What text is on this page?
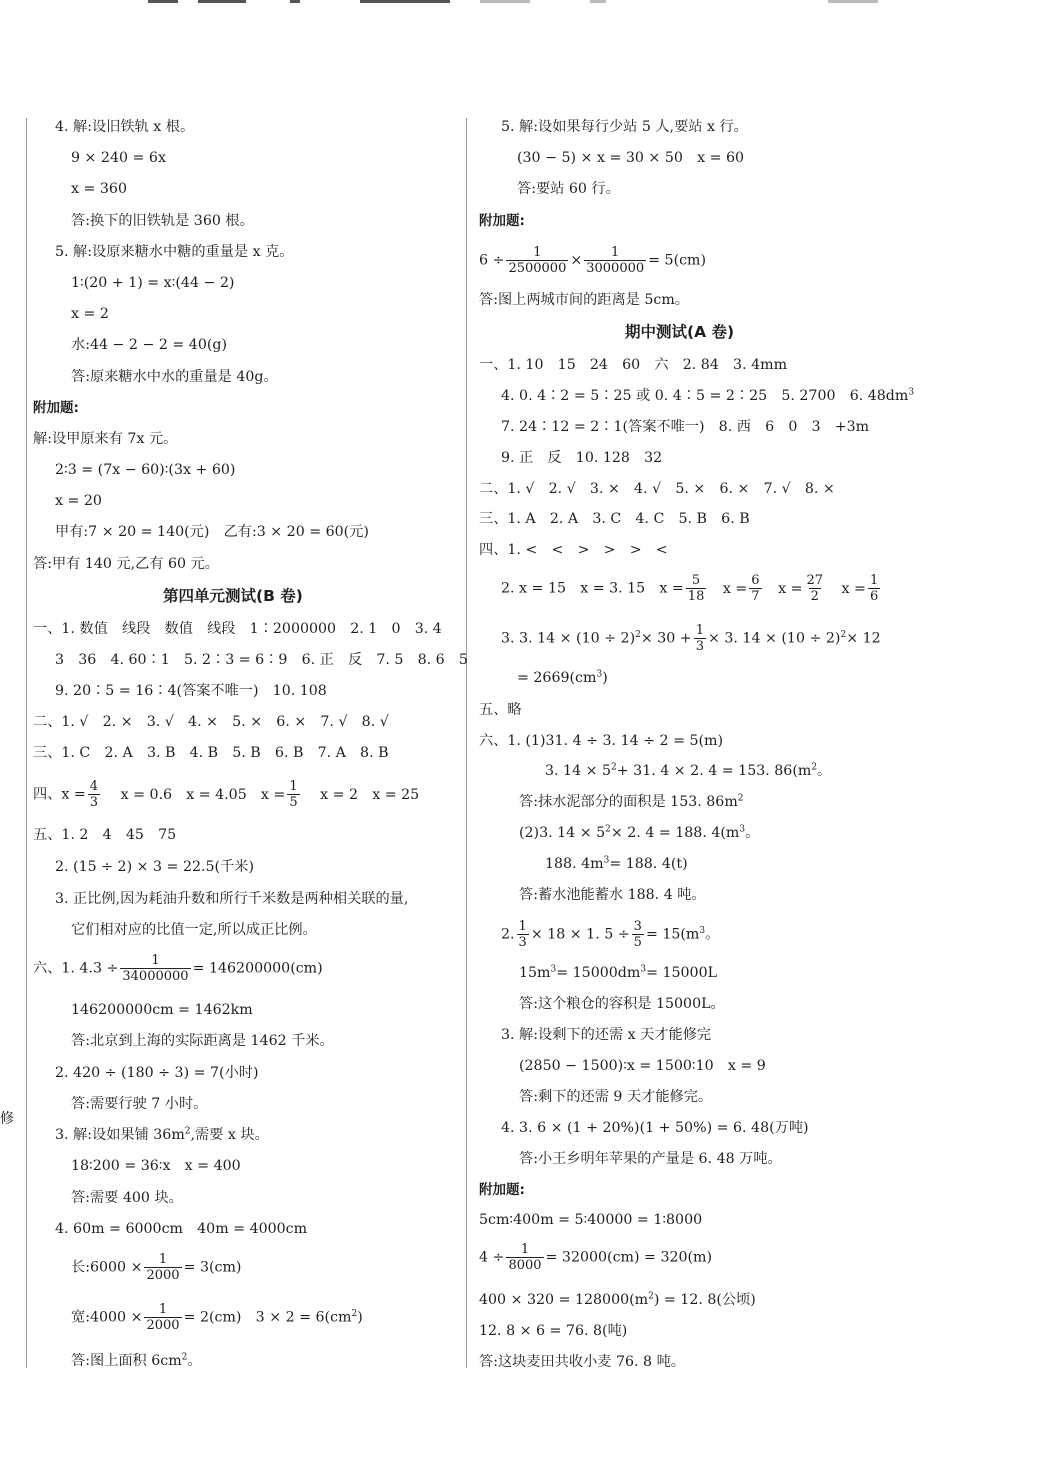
修
4. 解:设旧铁轨 x 根。
9 × 240 = 6x
x = 360
答:换下的旧铁轨是 360 根。
5. 解:设原来糖水中糖的重量是 x 克。
1∶(20 + 1) = x∶(44 − 2)
x = 2
水:44 − 2 − 2 = 40(g)
答:原来糖水中水的重量是 40g。
附加题:
解:设甲原来有 7x 元。
2∶3 = (7x − 60)∶(3x + 60)
x = 20
甲有:7 × 20 = 140(元)　乙有:3 × 20 = 60(元)
答:甲有 140 元,乙有 60 元。
第四单元测试(B 卷)
一、1. 数值　线段　数值　线段　1∶2000000　2. 1　0　3. 4
3　36　4. 60∶1　5. 2∶3 = 6∶9　6. 正　反　7. 5　8. 6　5
9. 20∶5 = 16∶4(答案不唯一)　10. 108
二、1. √　2. ×　3. √　4. ×　5. ×　6. ×　7. √　8. √
三、1. C　2. A　3. B　4. B　5. B　6. B　7. A　8. B
四、$x = \frac{4}{3}$ x = 0.6　x = 4.05　$x = \frac{1}{5}$ x = 2　x = 25
五、1. 2　4　45　75
2. (15 ÷ 2) × 3 = 22.5(千米)
3. 正比例,因为耗油升数和所行千米数是两种相关联的量,
它们相对应的比值一定,所以成正比例。
六、1. $4.3 \div \frac{1}{34000000} = 146200000(cm)$
146200000cm = 1462km
答:北京到上海的实际距离是 1462 千米。
2. 420 ÷ (180 ÷ 3) = 7(小时)
答:需要行驶 7 小时。
3. 解:设如果铺 $36m^2$,需要 x 块。
18∶200 = 36∶x　x = 400
答:需要 400 块。
4. 60m = 6000cm　40m = 4000cm
长:6000 × $\frac{1}{2000} = 3(cm)$
宽:4000 × $\frac{1}{2000} = 2(cm)$　$3 \times 2 = 6(cm^2)$
答:图上面积 $6cm^2$。
5. 解:设如果每行少站 5 人,要站 x 行。
(30 − 5) × x = 30 × 50　x = 60
答:要站 60 行。
附加题:
$6 \div \frac{1}{2500000} \times \frac{1}{3000000} = 5(cm)$
答:图上两城市间的距离是 5cm。
期中测试(A 卷)
一、1. 10　15　24　60　六　2. 84　3. 4mm
4. 0. 4∶2 = 5∶25 或 0. 4∶5 = 2∶25　5. 2700　6. $48dm^3$
7. 24∶12 = 2∶1(答案不唯一)　8. 西　6　0　3　+3m
9. 正　反　10. 128　32
二、1. √　2. √　3. ×　4. √　5. ×　6. ×　7. √　8. ×
三、1. A　2. A　3. C　4. C　5. B　6. B
四、1. <　<　>　>　>　<
2. x = 15　x = 3. 15　$x = \frac{5}{18}$ $x = \frac{6}{7}$ $x = \frac{27}{2}$ $x = \frac{1}{6}$
3. 3. $14 \times (10 \div 2)^2\times 30 + \frac{1}{3} \times 3$. $14 \times (10 \div 2)^2\times 12$
= $2669(cm^3)$
五、略
六、1. (1)31. 4 ÷ 3. 14 ÷ 2 = 5(m)
3. $14 \times 5^2+ 31$. 4 × 2. 4 = 153. $86(m^2$。
答:抹水泥部分的面积是 153. $86m^2$
(2)3. $14 \times 5^2\times 2$. 4 = 188. $4(m^3$。
188. $4m^3= 188$. 4(t)
答:蓄水池能蓄水 188. 4 吨。
2. $\frac{1}{3} \times 18 \times 1$. $5 \div \frac{3}{5} = 15(m^3$。
$15m^3= 15000dm^3= 15000L$
答:这个粮仓的容积是 15000L。
3. 解:设剩下的还需 x 天才能修完
(2850 − 1500)∶x = 1500∶10　x = 9
答:剩下的还需 9 天才能修完。
4. 3. 6 × (1 + 20%)(1 + 50%) = 6. 48(万吨)
答:小王乡明年苹果的产量是 6. 48 万吨。
附加题:
5cm∶400m = 5∶40000 = 1∶8000
$4 \div \frac{1}{8000} = 32000(cm) = 320(m)$
$400 \times 320 = 128000(m^2) = 12$. 8(公顷)
12. 8 × 6 = 76. 8(吨)
答:这块麦田共收小麦 76. 8 吨。
